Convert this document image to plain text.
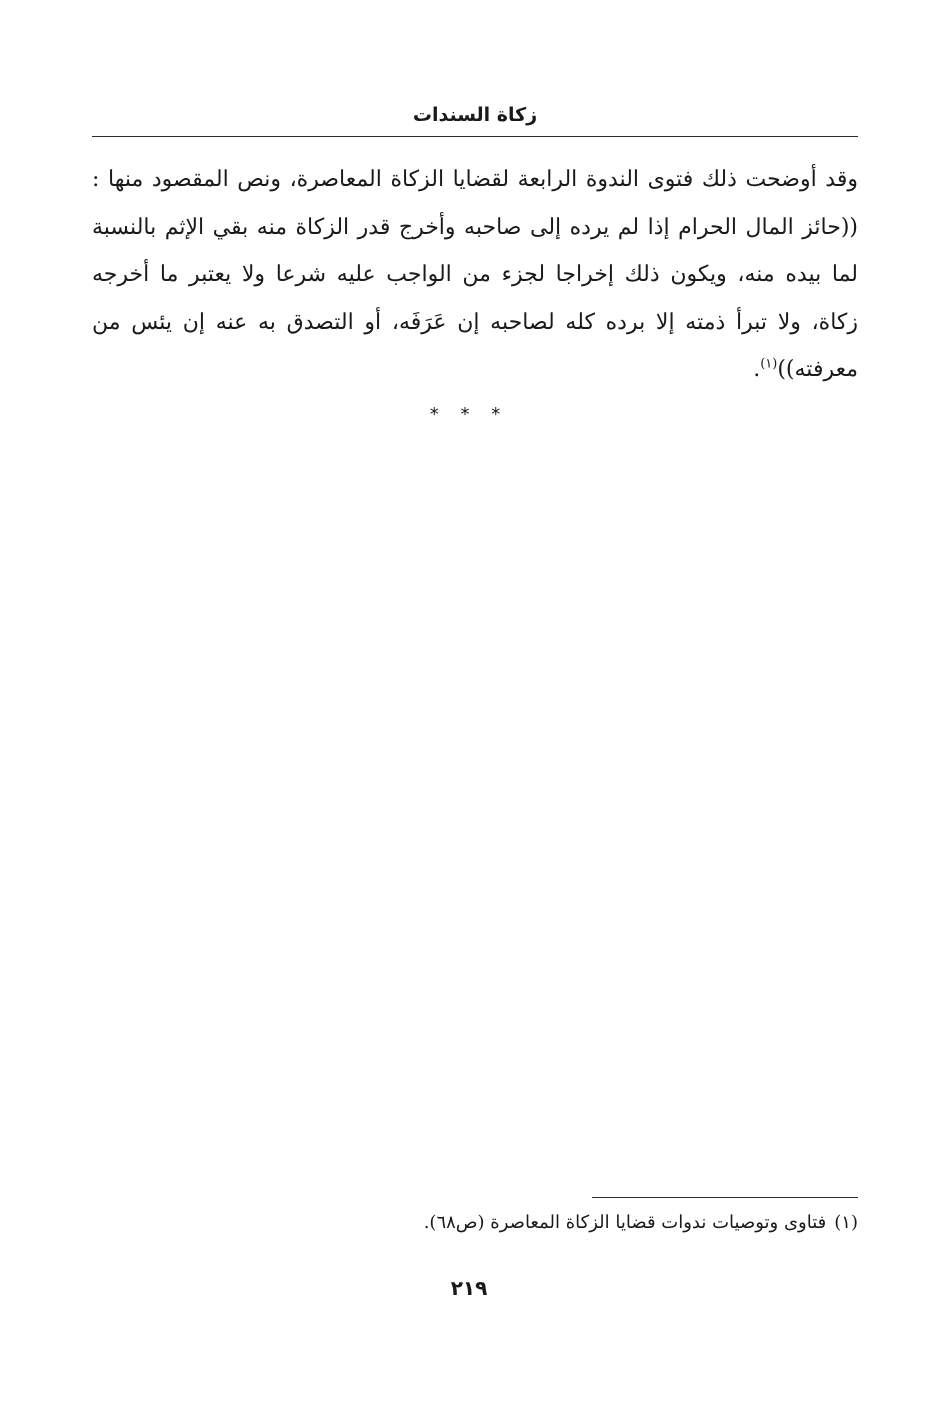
زكاة السندات

وقد أوضحت ذلك فتوى الندوة الرابعة لقضايا الزكاة المعاصرة، ونص المقصود منها : ((حائز المال الحرام إذا لم يرده إلى صاحبه وأخرج قدر الزكاة منه بقي الإثم بالنسبة لما بيده منه، ويكون ذلك إخراجا لجزء من الواجب عليه شرعا ولا يعتبر ما أخرجه زكاة، ولا تبرأ ذمته إلا برده كله لصاحبه إن عَرَفَه، أو التصدق به عنه إن يئس من معرفته))$^{(١)}$.

* * *
(١)فتاوى وتوصيات ندوات قضايا الزكاة المعاصرة (ص٦٨).
٢١٩
